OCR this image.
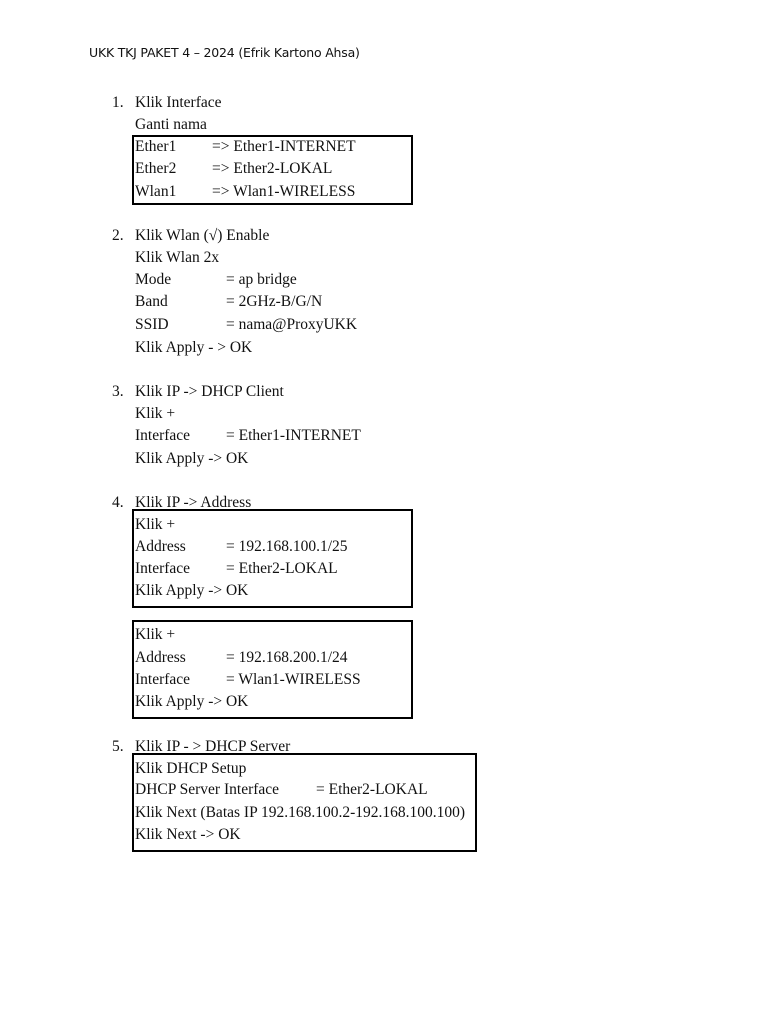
UKK TKJ PAKET 4 – 2024 (Efrik Kartono Ahsa)
1. Klik Interface
Ganti nama
Ether1 => Ether1-INTERNET
Ether2 => Ether2-LOKAL
Wlan1 => Wlan1-WIRELESS
2. Klik Wlan (√) Enable
Klik Wlan 2x
Mode	= ap bridge
Band	= 2GHz-B/G/N
SSID	= nama@ProxyUKK
Klik Apply - > OK
3. Klik IP -> DHCP Client
Klik +
Interface = Ether1-INTERNET
Klik Apply -> OK
4. Klik IP -> Address
Klik +
Address	= 192.168.100.1/25
Interface = Ether2-LOKAL
Klik Apply -> OK
Klik +
Address	= 192.168.200.1/24
Interface = Wlan1-WIRELESS
Klik Apply -> OK
5. Klik IP - > DHCP Server
Klik DHCP Setup
DHCP Server Interface = Ether2-LOKAL
Klik Next (Batas IP 192.168.100.2-192.168.100.100)
Klik Next -> OK
